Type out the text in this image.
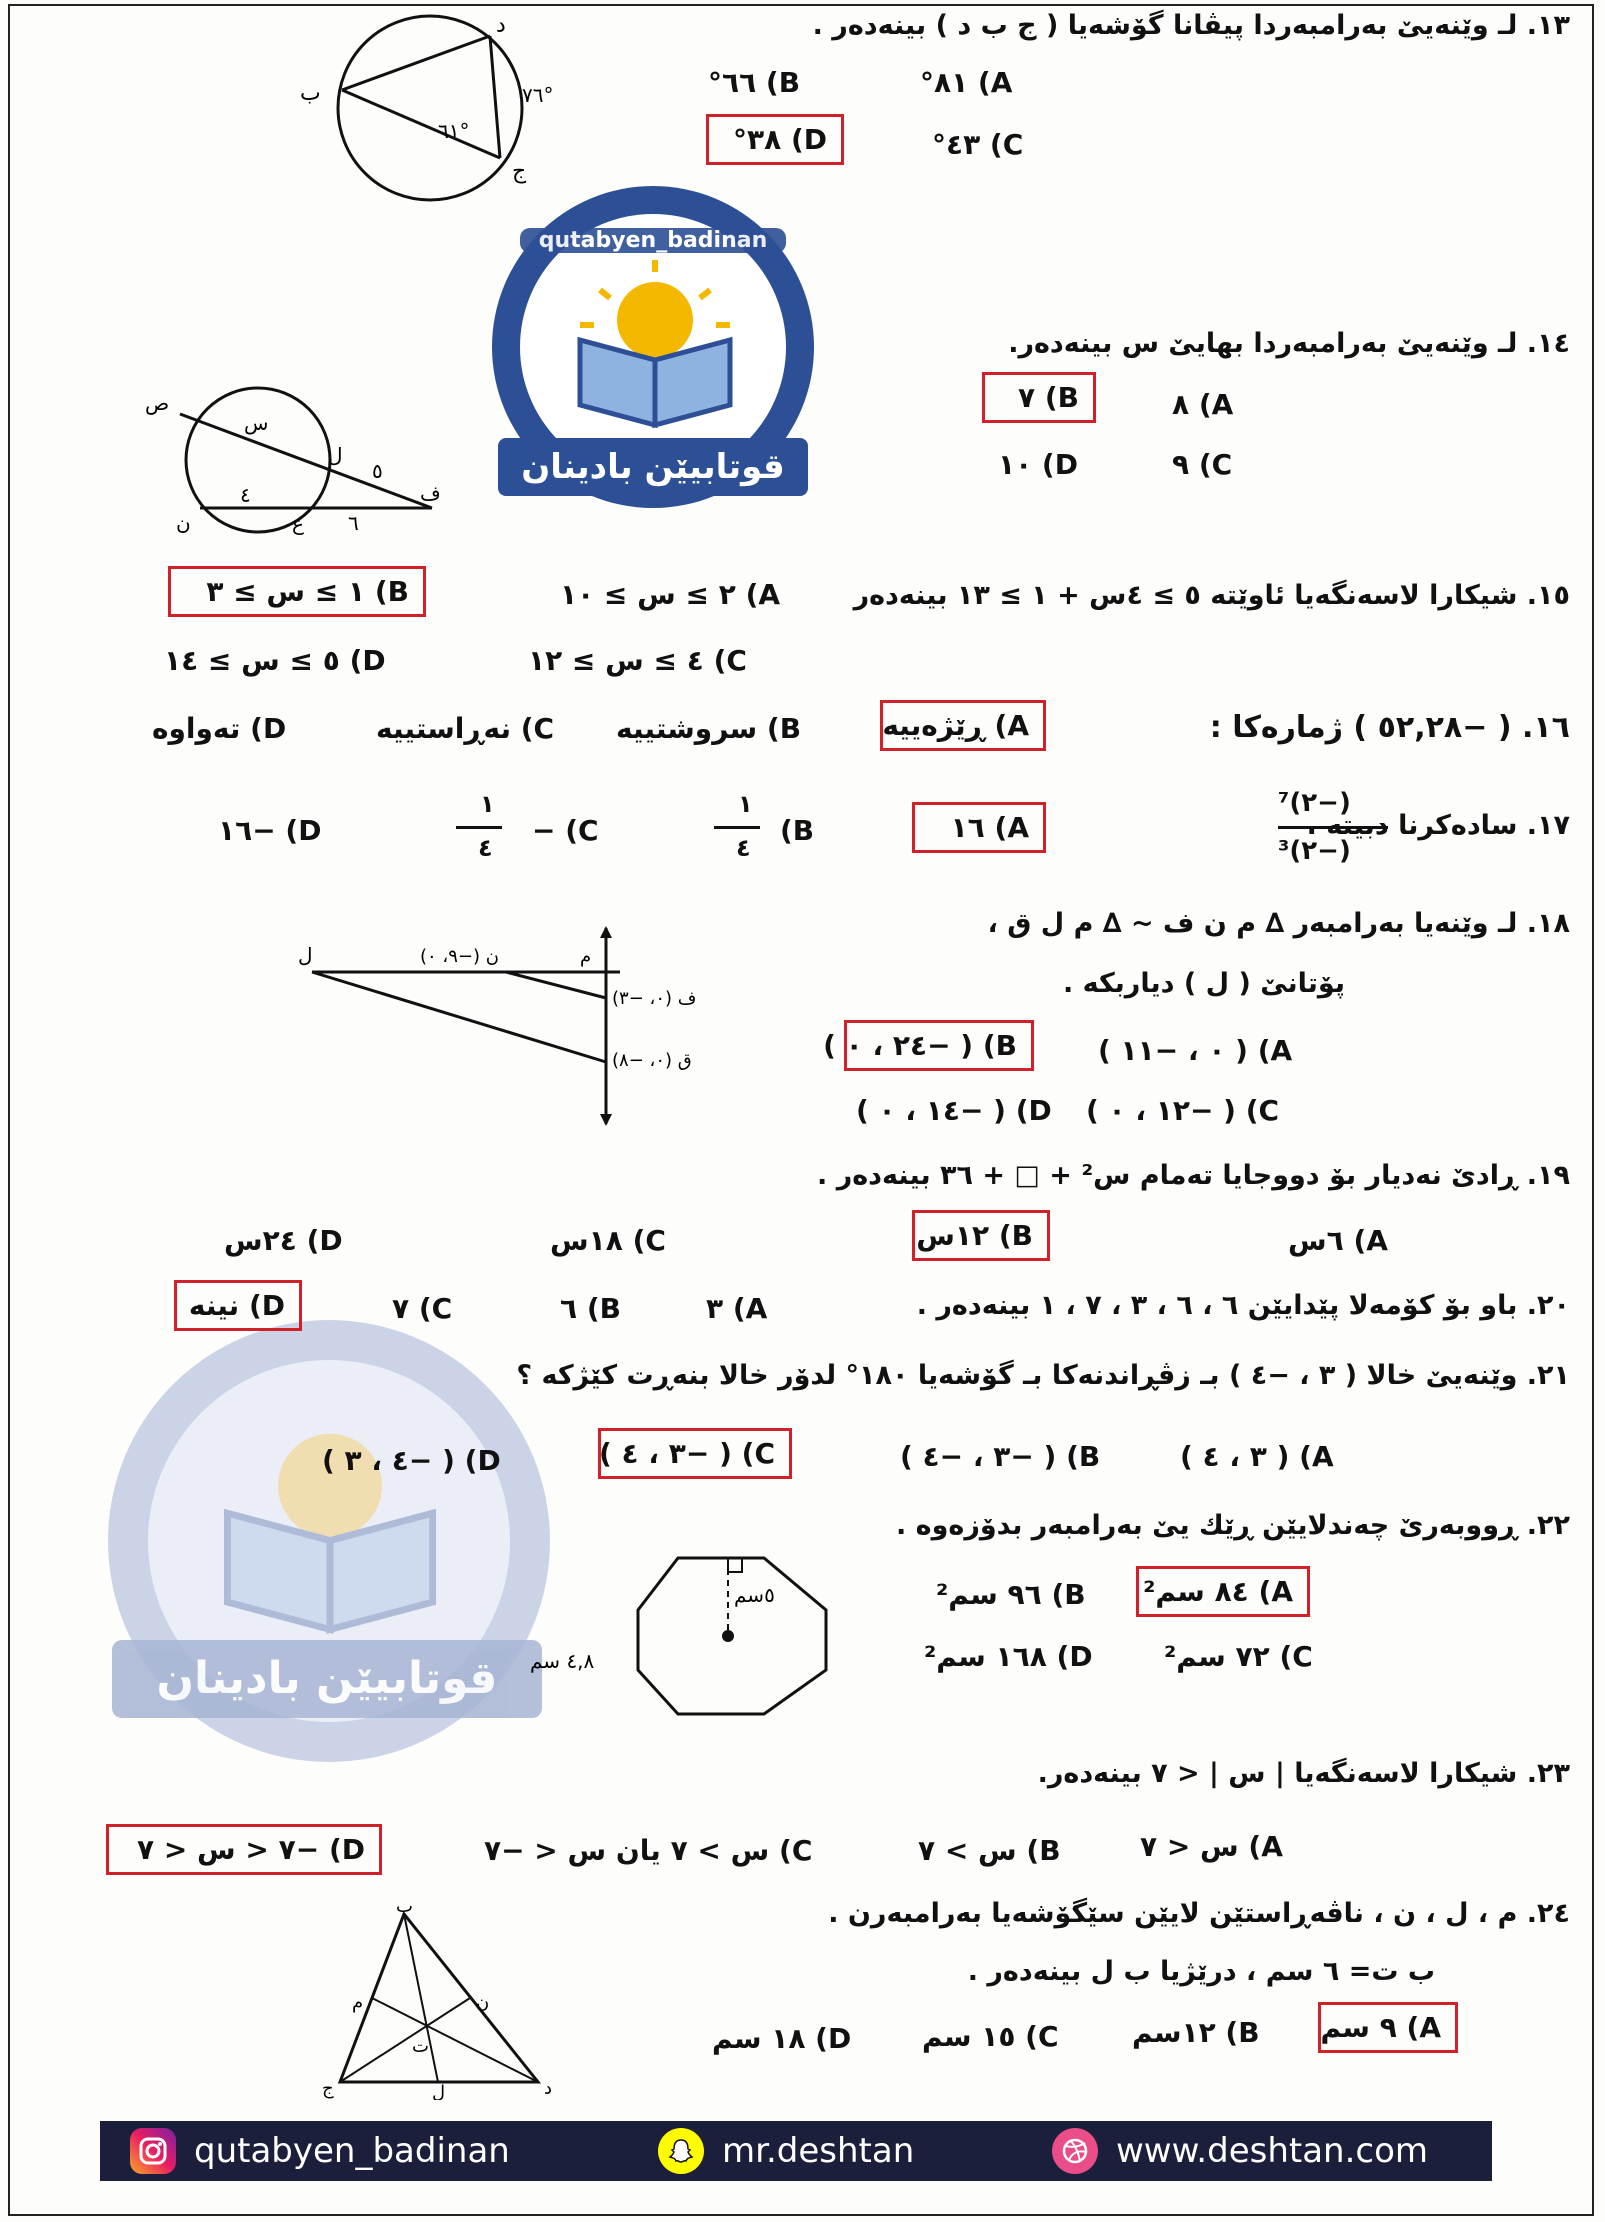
qutabyen_badinan
قوتابیێن بادینان
قوتابیێن بادینان
١٣. لـ وێنەیێ بەرامبەردا پیڤانا گۆشەیا ( ج ب د ) بینەدەر .
A) ٨١°
B) ٦٦°
C) ٤٣°
D) ٣٨°
د
ب
ج
٧٦°
٦١°
١٤. لـ وێنەیێ بەرامبەردا بهایێ س بینەدەر.
A) ٨
B) ٧
C) ٩
D) ١٠
ص
س
ل
٥
٤
ن	ع ٦
ف
١٥. شیکارا لاسەنگەیا ئاوێتە ٥ ≥ ٤س + ١ ≥ ١٣ بینەدەر
A) ٢ ≥ س ≥ ١٠
B) ١ ≥ س ≥ ٣
C) ٤ ≥ س ≥ ١٢
D) ٥ ≥ س ≥ ١٤
١٦. ( −٥٢,٢٨ ) ژمارەکا :
A) ڕێژەییە
B) سروشتییە
C) نەڕاستییە
D) تەواوە
١٧. سادەکرنا دبیتە .
(−٢)⁷
(−٢)³
A) ١٦
B)
١
٤
C) −
١
٤
D) −١٦
١٨. لـ وێنەیا بەرامبەر ∆ م ن ف ~ ∆ م ل ق ،
پۆتانێ ( ل ) دیاربکە .
A) ( ٠ ، −١١ )
B) ( −٢٤ ، ٠ )
C) ( −١٢ ، ٠ )
D) ( −١٤ ، ٠ )
ل	ن (−٩، ٠)	م
ف (٠، −٣)
ق (٠، −٨)
١٩. ڕادێ نەدیار بۆ دووجایا تەمام س² + □ + ٣٦ بینەدەر .
A) ٦س
B) ١٢س
C) ١٨س
D) ٢٤س
٢٠. باو بۆ کۆمەلا پێدایێن ٦ ، ٦ ، ٣ ، ٧ ، ١ بینەدەر .
A) ٣
B) ٦
C) ٧
D) نینە
٢١. وێنەیێ خالا ( ٣ ، −٤ ) بـ زڤڕاندنەکا بـ گۆشەیا ١٨٠° لدۆر خالا بنەڕت کێژکە ؟
A) ( ٣ ، ٤ )
B) ( −٣ ، −٤ )
C) ( −٣ ، ٤ )
D) ( −٤ ، ٣ )
٢٢. ڕووبەرێ چەندلایێن ڕێك یێ بەرامبەر بدۆزەوە .
A) ٨٤ سم²
B) ٩٦ سم²
C) ٧٢ سم²
D) ١٦٨ سم²
٥سم
٤,٨ سم
٢٣. شیکارا لاسەنگەیا | س | < ٧ بینەدەر.
A) س < ٧
B) س > ٧
C) س > ٧ یان س < −٧
D) −٧ < س < ٧
٢٤. م ، ل ، ن ، ناڤەڕاستێن لایێن سێگۆشەیا بەرامبەرن .
ب ت= ٦ سم ، درێژیا ب ل بینەدەر .
A) ٩ سم
B) ١٢سم
C) ١٥ سم
D) ١٨ سم
ب
م	ن
ت
ج	ل	د
qutabyen_badinan	mr.deshtan	www.deshtan.com
